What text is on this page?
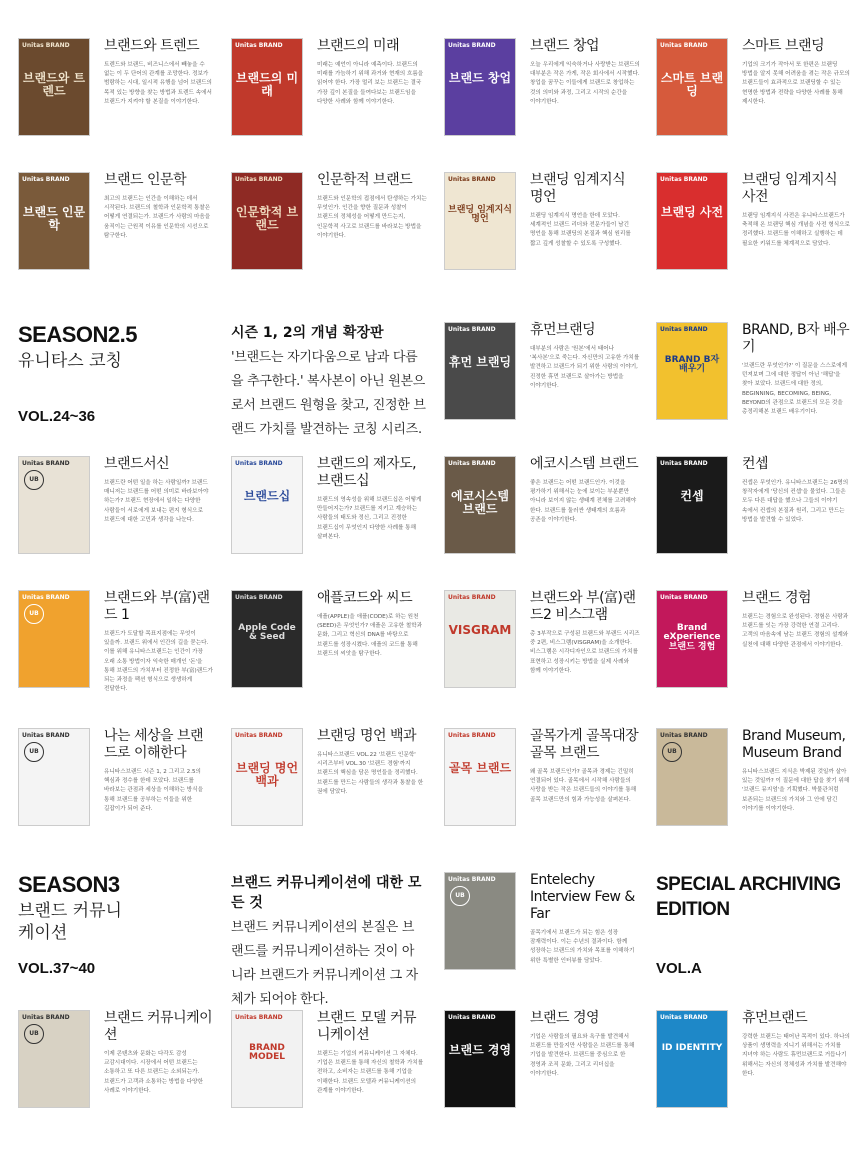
Unitas BRAND
브랜드와 트렌드
브랜드와 트렌드

트렌드와 브랜드, 비즈니스에서 빼놓을 수 없는 이 두 단어의 관계를 조망한다. 정보가 범람하는 시대, 일시적 유행을 넘어 브랜드의 목적 있는 방향을 찾는 방법과 트렌드 속에서 브랜드가 지켜야 할 본질을 이야기한다.

Unitas BRAND
브랜드의 미래
브랜드의 미래

미래는 예언이 아니라 예측이다. 브랜드의 미래를 가늠하기 위해 과거와 현재의 흐름을 읽어야 한다. 가장 멀리 보는 브랜드는 결국 가장 깊이 본질을 들여다보는 브랜드임을 다양한 사례와 함께 이야기한다.

Unitas BRAND
브랜드 창업
브랜드 창업

오늘 우리에게 익숙하거나 사랑받는 브랜드의 대부분은 작은 가게, 작은 회사에서 시작했다. 창업을 꿈꾸는 이들에게 브랜드로 창업하는 것의 의미와 과정, 그리고 시작의 순간을 이야기한다.

Unitas BRAND
스마트 브랜딩
스마트 브랜딩

기업의 크기가 작아서 또 한편은 브랜딩 방법을 알지 못해 어려움을 겪는 작은 규모의 브랜드들이 효과적으로 브랜딩할 수 있는 현명한 방법과 전략을 다양한 사례를 통해 제시한다.

Unitas BRAND
브랜드 인문학
브랜드 인문학

최고의 브랜드는 인간을 이해하는 데서 시작된다. 브랜드의 철학과 인문학적 통찰은 어떻게 연결되는가. 브랜드가 사람의 마음을 움직이는 근원적 이유를 인문학의 시선으로 탐구한다.

Unitas BRAND
인문학적 브랜드
인문학적 브랜드

브랜드와 인문학의 접점에서 탄생하는 가치는 무엇인가. 인간을 향한 질문과 성찰이 브랜드의 정체성을 어떻게 만드는지, 인문학적 사고로 브랜드를 바라보는 방법을 이야기한다.

Unitas BRAND
브랜딩 임계지식 명언
브랜딩 임계지식 명언

브랜딩 임계지식 명언을 한데 모았다. 세계적인 브랜드 리더와 전문가들이 남긴 명언을 통해 브랜딩의 본질과 핵심 원리를 짧고 깊게 성찰할 수 있도록 구성했다.

Unitas BRAND
브랜딩 사전
브랜딩 임계지식 사전

브랜딩 임계지식 사전은 유니타스브랜드가 축적해 온 브랜딩 핵심 개념을 사전 형식으로 정리했다. 브랜드를 이해하고 실행하는 데 필요한 키워드를 체계적으로 담았다.

Unitas BRAND
휴먼 브랜딩
휴먼브랜딩

대부분의 사람은 '원본'에서 태어나 '복사본'으로 죽는다. 자신만의 고유한 가치를 발견하고 브랜드가 되기 위한 사람의 이야기, 진정한 휴먼 브랜드로 살아가는 방법을 이야기한다.

Unitas BRAND
BRAND B자 배우기
BRAND, B자 배우기

'브랜드란 무엇인가?' 이 질문을 스스로에게 던져보며 그에 대한 정답이 아닌 '해답'을 찾아 보았다. 브랜드에 대한 정의, BEGINNING, BECOMING, BEING, BEYOND의 관점으로 브랜드의 모든 것을 총정리해본 브랜드 배우기이다.

Unitas BRAND
UB
브랜드서신

브랜드란 어떤 일을 하는 사람일까? 브랜드 매니저는 브랜드를 어떤 의미로 바라보아야 하는가? 브랜드 현장에서 일하는 다양한 사람들이 서로에게 보내는 편지 형식으로 브랜드에 대한 고민과 생각을 나눈다.

Unitas BRAND
브랜드십
브랜드의 제자도, 브랜드십

브랜드의 영속성을 위해 브랜드십은 어떻게 만들어지는가? 브랜드를 지키고 계승하는 사람들의 태도와 정신, 그리고 진정한 브랜드십이 무엇인지 다양한 사례를 통해 살펴본다.

Unitas BRAND
에코시스템 브랜드
에코시스템 브랜드

좋은 브랜드는 어떤 브랜드인가. 이것을 평가하기 위해서는 눈에 보이는 부분뿐만 아니라 보이지 않는 생태계 전체를 고려해야 한다. 브랜드를 둘러싼 생태계의 흐름과 공존을 이야기한다.

Unitas BRAND
컨셉
컨셉

컨셉은 무엇인가. 유니타스브랜드는 26명의 창작자에게 '당신의 컨셉'을 물었다. 그들은 모두 다른 대답을 했으나 그들의 이야기 속에서 컨셉의 본질과 원리, 그리고 만드는 방법을 발견할 수 있었다.

Unitas BRAND
UB
브랜드와 부(富)랜드 1

브랜드가 도달할 목표지점에는 무엇이 있을까. 브랜드 위에서 인간의 길을 묻는다. 이를 위해 유니타스브랜드는 인간이 가장 오래 소통 방법이자 익숙한 매개인 '돈'을 통해 브랜드의 가치부터 진정한 부(富)랜드가 되는 과정을 팩션 형식으로 생생하게 전달한다.

Unitas BRAND
Apple Code & Seed
애플코드와 씨드

애플(APPLE)을 애플(CODE)로 하는 원천(SEED)은 무엇인가? 애플은 고유한 철학과 문화, 그리고 혁신의 DNA를 바탕으로 브랜드를 성장시켰다. 애플의 코드를 통해 브랜드의 씨앗을 탐구한다.

Unitas BRAND
VISGRAM
브랜드와 부(富)랜드2 비스그램

총 3부작으로 구성된 브랜드와 부랜드 시리즈 중 2편, 비스그램(VISGRAM)을 소개한다. 비스그램은 시각디자인으로 브랜드의 가치를 표현하고 성장시키는 방법을 실제 사례와 함께 이야기한다.

Unitas BRAND
Brand eXperience 브랜드 경험
브랜드 경험

브랜드는 경험으로 완성된다. 경험은 사람과 브랜드를 잇는 가장 강력한 연결 고리다. 고객의 마음속에 남는 브랜드 경험의 설계와 실천에 대해 다양한 관점에서 이야기한다.

Unitas BRAND
UB
나는 세상을 브랜드로 이해한다

유니타스브랜드 시즌 1, 2 그리고 2.5의 핵심과 정수를 한데 모았다. 브랜드를 바라보는 관점과 세상을 이해하는 방식을 통해 브랜드를 공부하는 이들을 위한 길잡이가 되어 준다.

Unitas BRAND
브랜딩 명언 백과
브랜딩 명언 백과

유니타스브랜드 VOL.22 '브랜드 인문학' 시리즈부터 VOL.30 '브랜드 경험'까지 브랜드의 핵심을 담은 명언들을 정리했다. 브랜드를 만드는 사람들의 생각과 통찰을 한 권에 담았다.

Unitas BRAND
골목 브랜드
골목가게 골목대장 골목 브랜드

왜 골목 브랜드인가? 골목과 경제는 긴밀히 연결되어 있다. 골목에서 시작해 사람들의 사랑을 받는 작은 브랜드들의 이야기를 통해 골목 브랜드만의 힘과 가능성을 살펴본다.

Unitas BRAND
UB
Brand Museum, Museum Brand

유니타스브랜드 지식은 박제된 것일까 살아 있는 것일까? 이 질문에 대한 답을 찾기 위해 '브랜드 뮤지엄'을 기획했다. 박물관처럼 보존되는 브랜드의 가치와 그 안에 담긴 이야기를 이야기한다.

Unitas BRAND
UB
Entelechy Interview Few & Far

골목기에서 브랜드가 되는 힘은 성장 잠재력이다. 이는 수년의 결과이다. 함께 성장하는 브랜드의 가치와 목표를 이해하기 위한 특별한 인터뷰를 담았다.

Unitas BRAND
UB
브랜드 커뮤니케이션

이제 콘텐츠와 문화는 다각도 감성 교감시대이다. 시장에서 어떤 브랜드는 소통하고 또 다른 브랜드는 소외되는가. 브랜드가 고객과 소통하는 방법을 다양한 사례로 이야기한다.

Unitas BRAND
BRAND MODEL
브랜드 모델 커뮤니케이션

브랜드는 기업의 커뮤니케이션 그 자체다. 기업은 브랜드를 통해 자신의 철학과 가치를 전하고, 소비자는 브랜드를 통해 기업을 이해한다. 브랜드 모델과 커뮤니케이션의 관계를 이야기한다.

Unitas BRAND
브랜드 경영
브랜드 경영

기업은 사람들의 필요와 욕구를 발견해서 브랜드를 만들지만 사람들은 브랜드를 통해 기업을 발견한다. 브랜드를 중심으로 한 경영과 조직 문화, 그리고 리더십을 이야기한다.

Unitas BRAND
ID IDENTITY
휴먼브랜드

강력한 브랜드는 태어난 목적이 있다. 하나의 상품이 생명력을 지니기 위해서는 가치를 지녀야 하는 사람도 휴먼브랜드로 거듭나기 위해서는 자신의 정체성과 가치를 발견해야 한다.

SEASON2.5
유니타스 코칭
VOL.24~36
시즌 1, 2의 개념 확장판
'브랜드는 자기다움으로 남과 다름을 추구한다.' 복사본이 아닌 원본으로서 브랜드 원형을 찾고, 진정한 브랜드 가치를 발견하는 코칭 시리즈.
SEASON3
브랜드 커뮤니케이션
VOL.37~40
브랜드 커뮤니케이션에 대한 모든 것
브랜드 커뮤니케이션의 본질은 브랜드를 커뮤니케이션하는 것이 아니라 브랜드가 커뮤니케이션 그 자체가 되어야 한다.
SPECIAL ARCHIVING EDITION
VOL.A
